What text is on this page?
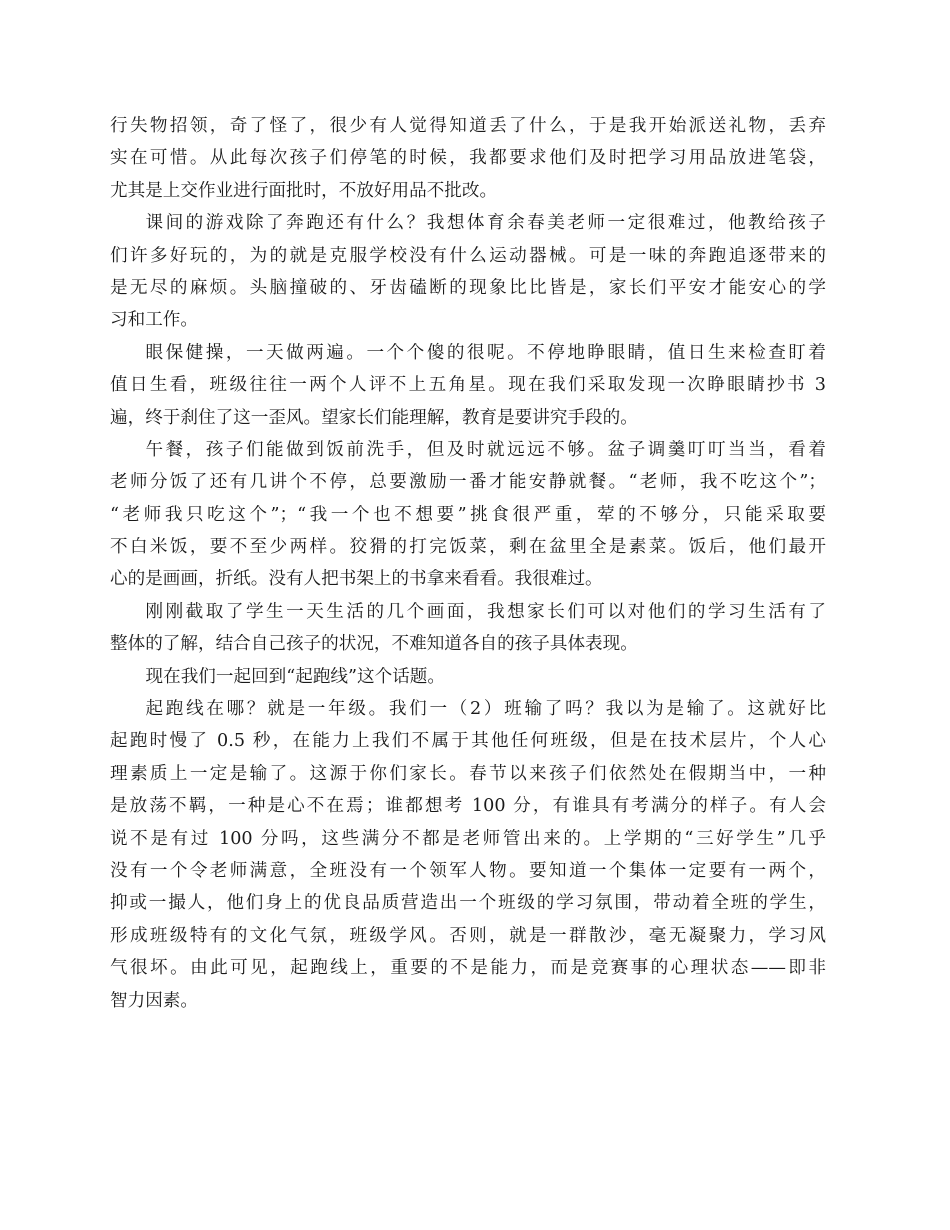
行失物招领，奇了怪了，很少有人觉得知道丢了什么，于是我开始派送礼物，丢弃
实在可惜。从此每次孩子们停笔的时候，我都要求他们及时把学习用品放进笔袋，
尤其是上交作业进行面批时，不放好用品不批改。
课间的游戏除了奔跑还有什么？我想体育余春美老师一定很难过，他教给孩子
们许多好玩的，为的就是克服学校没有什么运动器械。可是一味的奔跑追逐带来的
是无尽的麻烦。头脑撞破的、牙齿磕断的现象比比皆是，家长们平安才能安心的学
习和工作。
眼保健操，一天做两遍。一个个傻的很呢。不停地睁眼睛，值日生来检查盯着
值日生看，班级往往一两个人评不上五角星。现在我们采取发现一次睁眼睛抄书 3
遍，终于刹住了这一歪风。望家长们能理解，教育是要讲究手段的。
午餐，孩子们能做到饭前洗手，但及时就远远不够。盆子调羹叮叮当当，看着
老师分饭了还有几讲个不停，总要激励一番才能安静就餐。“老师，我不吃这个”；
“老师我只吃这个”；“我一个也不想要”挑食很严重，荤的不够分，只能采取要
不白米饭，要不至少两样。狡猾的打完饭菜，剩在盆里全是素菜。饭后，他们最开
心的是画画，折纸。没有人把书架上的书拿来看看。我很难过。
刚刚截取了学生一天生活的几个画面，我想家长们可以对他们的学习生活有了
整体的了解，结合自己孩子的状况，不难知道各自的孩子具体表现。
现在我们一起回到“起跑线”这个话题。
起跑线在哪？就是一年级。我们一（2）班输了吗？我以为是输了。这就好比
起跑时慢了 0.5 秒，在能力上我们不属于其他任何班级，但是在技术层片，个人心
理素质上一定是输了。这源于你们家长。春节以来孩子们依然处在假期当中，一种
是放荡不羁，一种是心不在焉；谁都想考 100 分，有谁具有考满分的样子。有人会
说不是有过 100 分吗，这些满分不都是老师管出来的。上学期的“三好学生”几乎
没有一个令老师满意，全班没有一个领军人物。要知道一个集体一定要有一两个，
抑或一撮人，他们身上的优良品质营造出一个班级的学习氛围，带动着全班的学生，
形成班级特有的文化气氛，班级学风。否则，就是一群散沙，毫无凝聚力，学习风
气很坏。由此可见，起跑线上，重要的不是能力，而是竞赛事的心理状态——即非
智力因素。
